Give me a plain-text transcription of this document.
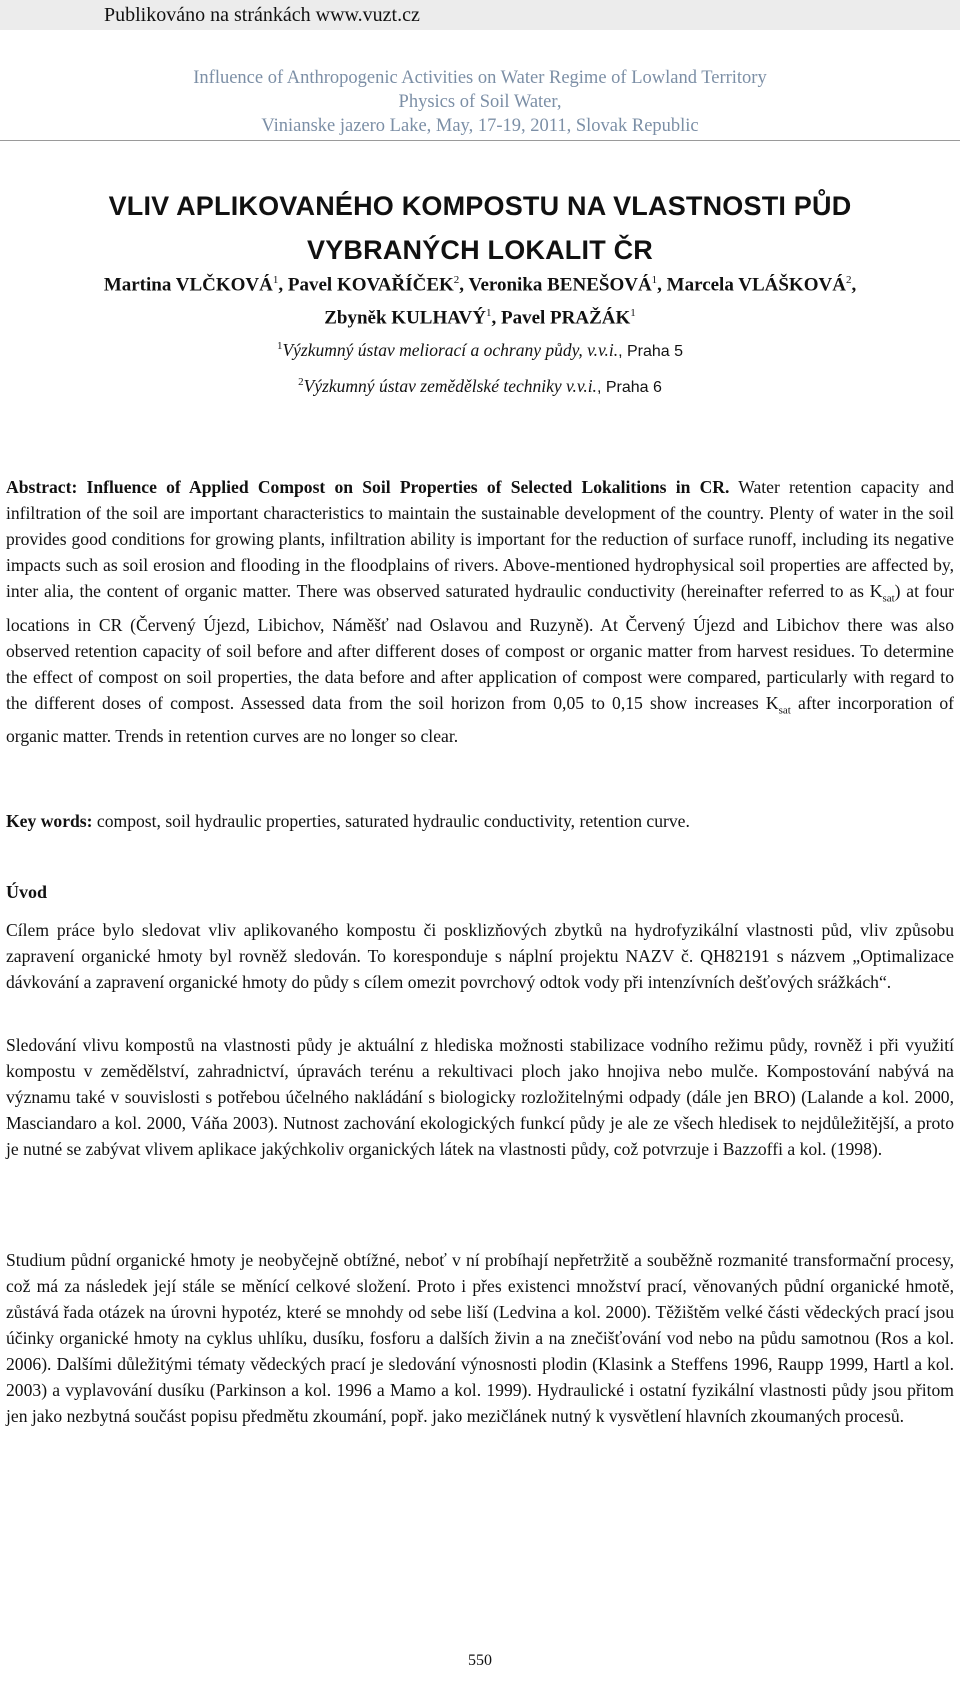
Publikováno na stránkách www.vuzt.cz
Influence of Anthropogenic Activities on Water Regime of Lowland Territory
Physics of Soil Water,
Vinianske jazero Lake, May, 17-19, 2011, Slovak Republic
VLIV APLIKOVANÉHO KOMPOSTU NA VLASTNOSTI PŮD
VYBRANÝCH LOKALIT ČR
Martina VLČKOVÁ$^1$, Pavel KOVAŘÍČEK$^2$, Veronika BENEŠOVÁ$^1$, Marcela VLÁŠKOVÁ$^2$,
Zbyněk KULHAVÝ$^1$, Pavel PRAŽÁK$^1$
$^1$Výzkumný ústav meliorací a ochrany půdy, v.v.i., Praha 5
$^2$Výzkumný ústav zemědělské techniky v.v.i., Praha 6

Abstract: Influence of Applied Compost on Soil Properties of Selected Lokalitions in CR. Water retention capacity and infiltration of the soil are important characteristics to maintain the sustainable development of the country. Plenty of water in the soil provides good conditions for growing plants, infiltration ability is important for the reduction of surface runoff, including its negative impacts such as soil erosion and flooding in the floodplains of rivers. Above-mentioned hydrophysical soil properties are affected by, inter alia, the content of organic matter. There was observed saturated hydraulic conductivity (hereinafter referred to as $K_{sat}$) at four locations in CR (Červený Újezd, Libichov, Náměšť nad Oslavou and Ruzyně). At Červený Újezd and Libichov there was also observed retention capacity of soil before and after different doses of compost or organic matter from harvest residues. To determine the effect of compost on soil properties, the data before and after application of compost were compared, particularly with regard to the different doses of compost. Assessed data from the soil horizon from 0,05 to 0,15 show increases $K_{sat}$ after incorporation of organic matter. Trends in retention curves are no longer so clear.

Key words: compost, soil hydraulic properties, saturated hydraulic conductivity, retention curve.

Úvod

Cílem práce bylo sledovat vliv aplikovaného kompostu či posklizňových zbytků na hydrofyzikální vlastnosti půd, vliv způsobu zapravení organické hmoty byl rovněž sledován. To koresponduje s náplní projektu NAZV č. QH82191 s názvem „Optimalizace dávkování a zapravení organické hmoty do půdy s cílem omezit povrchový odtok vody při intenzívních dešťových srážkách“.

Sledování vlivu kompostů na vlastnosti půdy je aktuální z hlediska možnosti stabilizace vodního režimu půdy, rovněž i při využití kompostu v zemědělství, zahradnictví, úpravách terénu a rekultivaci ploch jako hnojiva nebo mulče. Kompostování nabývá na významu také v souvislosti s potřebou účelného nakládání s biologicky rozložitelnými odpady (dále jen BRO) (Lalande a kol. 2000, Masciandaro a kol. 2000, Váňa 2003). Nutnost zachování ekologických funkcí půdy je ale ze všech hledisek to nejdůležitější, a proto je nutné se zabývat vlivem aplikace jakýchkoliv organických látek na vlastnosti půdy, což potvrzuje i Bazzoffi a kol. (1998).

Studium půdní organické hmoty je neobyčejně obtížné, neboť v ní probíhají nepřetržitě a souběžně rozmanité transformační procesy, což má za následek její stále se měnící celkové složení. Proto i přes existenci množství prací, věnovaných půdní organické hmotě, zůstává řada otázek na úrovni hypotéz, které se mnohdy od sebe liší (Ledvina a kol. 2000). Těžištěm velké části vědeckých prací jsou účinky organické hmoty na cyklus uhlíku, dusíku, fosforu a dalších živin a na znečišťování vod nebo na půdu samotnou (Ros a kol. 2006). Dalšími důležitými tématy vědeckých prací je sledování výnosnosti plodin (Klasink a Steffens 1996, Raupp 1999, Hartl a kol. 2003) a vyplavování dusíku (Parkinson a kol. 1996 a Mamo a kol. 1999). Hydraulické i ostatní fyzikální vlastnosti půdy jsou přitom jen jako nezbytná součást popisu předmětu zkoumání, popř. jako mezičlánek nutný k vysvětlení hlavních zkoumaných procesů.

550
